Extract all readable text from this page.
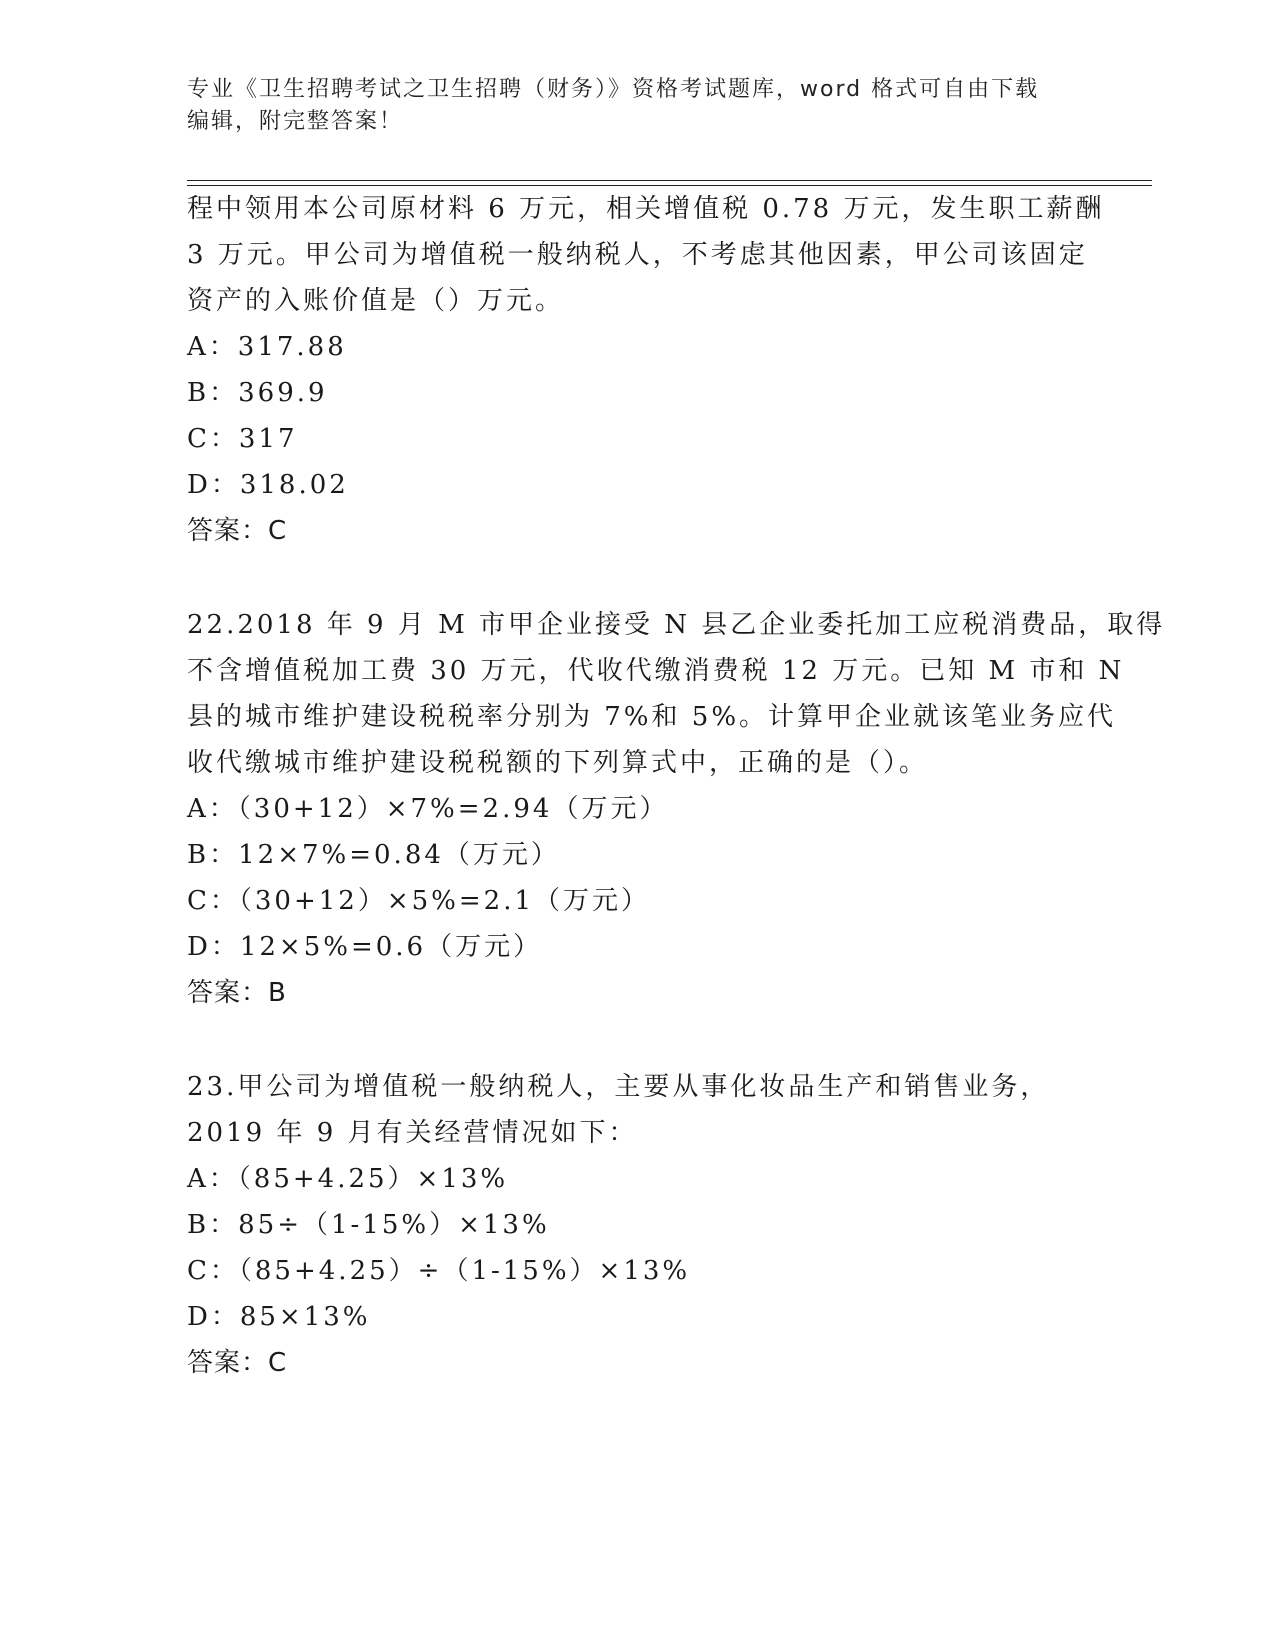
专业《卫生招聘考试之卫生招聘（财务）》资格考试题库，word 格式可自由下载
编辑，附完整答案！
程中领用本公司原材料 6 万元，相关增值税 0.78 万元，发生职工薪酬
3 万元。甲公司为增值税一般纳税人，不考虑其他因素，甲公司该固定
资产的入账价值是（）万元。
A：317.88
B：369.9
C：317
D：318.02
答案：C
22.2018 年 9 月 M 市甲企业接受 N 县乙企业委托加工应税消费品，取得
不含增值税加工费 30 万元，代收代缴消费税 12 万元。已知 M 市和 N
县的城市维护建设税税率分别为 7%和 5%。计算甲企业就该笔业务应代
收代缴城市维护建设税税额的下列算式中，正确的是（）。
A：（30+12）×7%=2.94（万元）
B：12×7%=0.84（万元）
C：（30+12）×5%=2.1（万元）
D：12×5%=0.6（万元）
答案：B
23.甲公司为增值税一般纳税人，主要从事化妆品生产和销售业务，
2019 年 9 月有关经营情况如下：
A：（85+4.25）×13%
B：85÷（1-15%）×13%
C：（85+4.25）÷（1-15%）×13%
D：85×13%
答案：C
